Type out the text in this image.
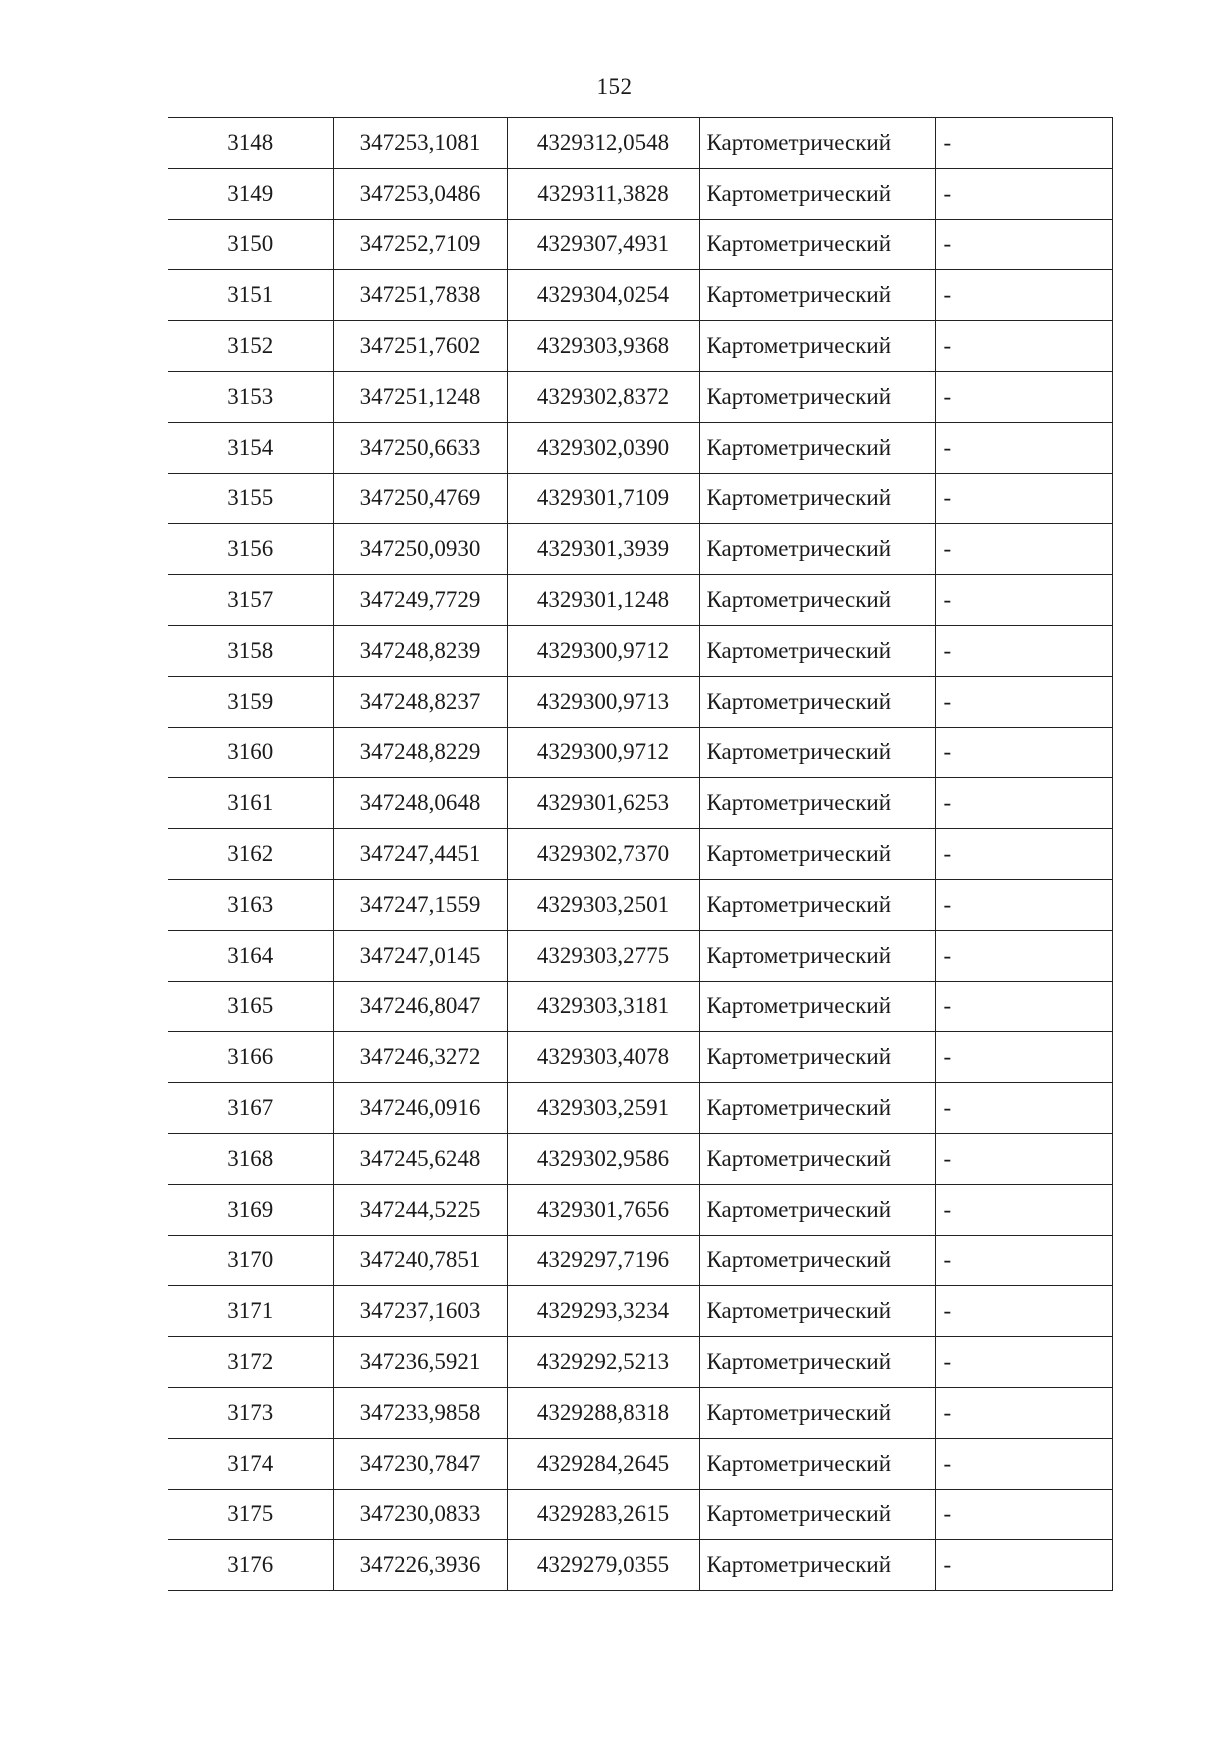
152
3148	347253,1081	4329312,0548	Картометрический	-
3149	347253,0486	4329311,3828	Картометрический	-
3150	347252,7109	4329307,4931	Картометрический	-
3151	347251,7838	4329304,0254	Картометрический	-
3152	347251,7602	4329303,9368	Картометрический	-
3153	347251,1248	4329302,8372	Картометрический	-
3154	347250,6633	4329302,0390	Картометрический	-
3155	347250,4769	4329301,7109	Картометрический	-
3156	347250,0930	4329301,3939	Картометрический	-
3157	347249,7729	4329301,1248	Картометрический	-
3158	347248,8239	4329300,9712	Картометрический	-
3159	347248,8237	4329300,9713	Картометрический	-
3160	347248,8229	4329300,9712	Картометрический	-
3161	347248,0648	4329301,6253	Картометрический	-
3162	347247,4451	4329302,7370	Картометрический	-
3163	347247,1559	4329303,2501	Картометрический	-
3164	347247,0145	4329303,2775	Картометрический	-
3165	347246,8047	4329303,3181	Картометрический	-
3166	347246,3272	4329303,4078	Картометрический	-
3167	347246,0916	4329303,2591	Картометрический	-
3168	347245,6248	4329302,9586	Картометрический	-
3169	347244,5225	4329301,7656	Картометрический	-
3170	347240,7851	4329297,7196	Картометрический	-
3171	347237,1603	4329293,3234	Картометрический	-
3172	347236,5921	4329292,5213	Картометрический	-
3173	347233,9858	4329288,8318	Картометрический	-
3174	347230,7847	4329284,2645	Картометрический	-
3175	347230,0833	4329283,2615	Картометрический	-
3176	347226,3936	4329279,0355	Картометрический	-
